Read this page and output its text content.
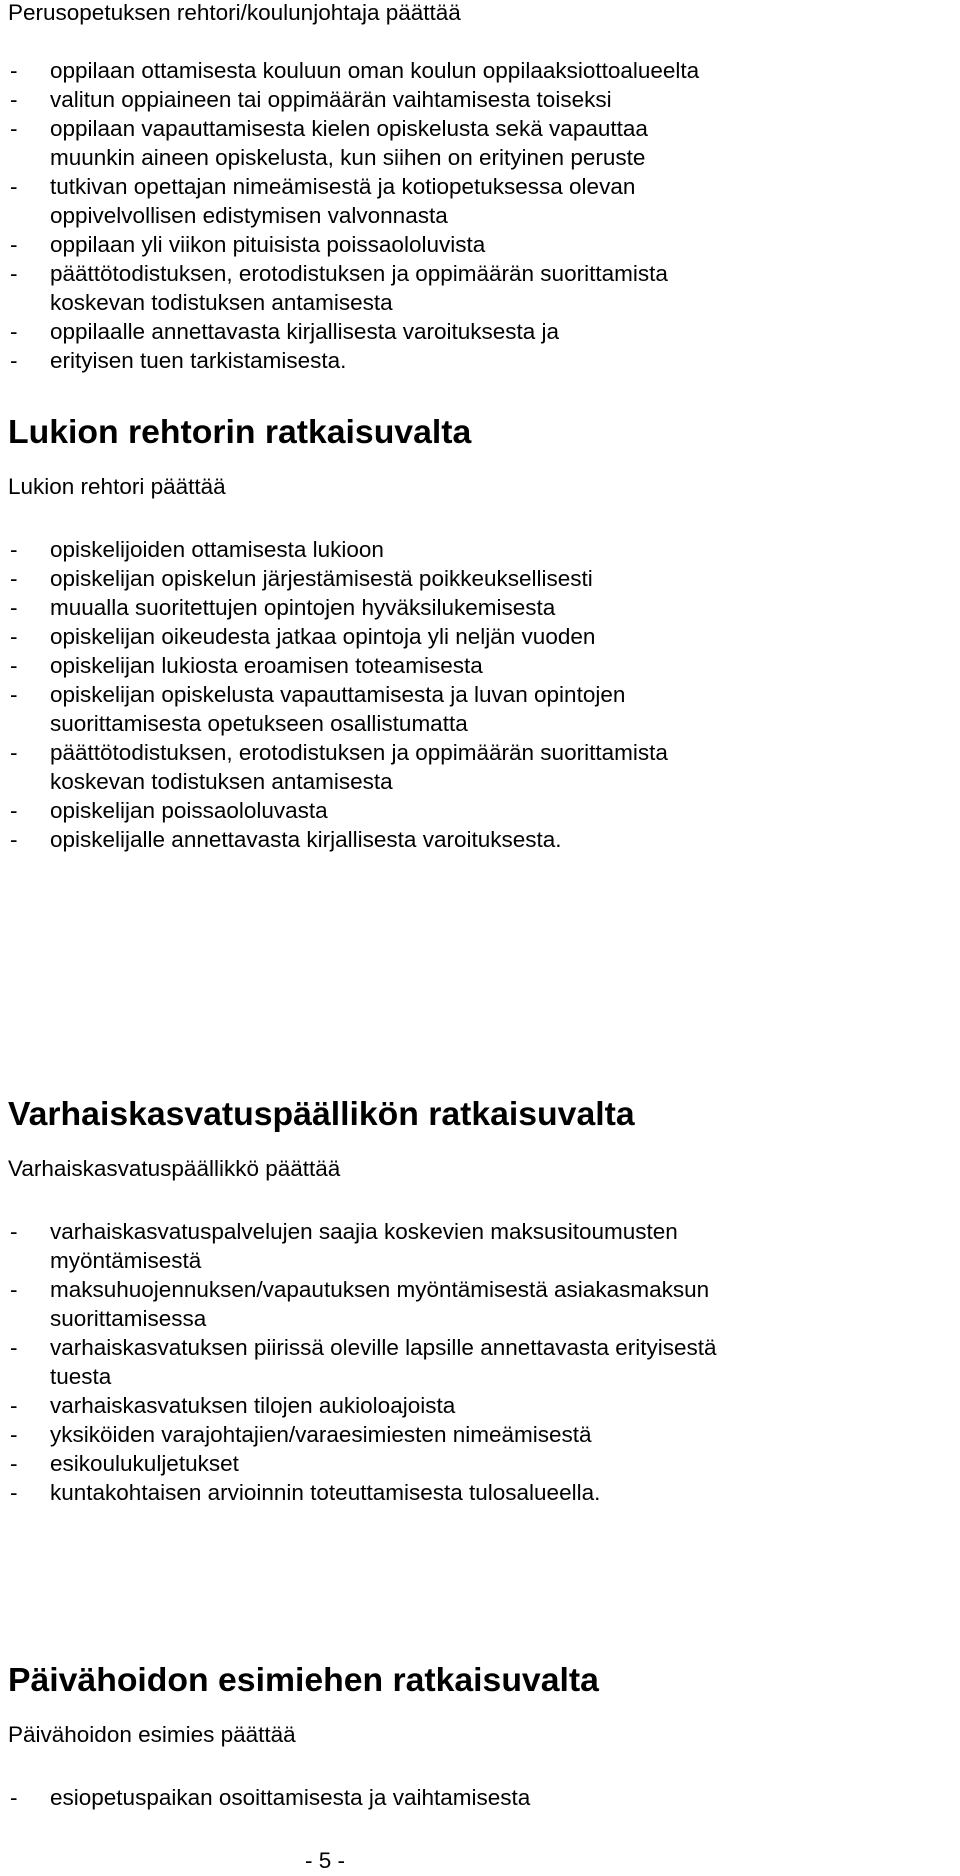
Perusopetuksen rehtori/koulunjohtaja päättää

- oppilaan ottamisesta kouluun oman koulun oppilaaksiottoalueelta
- valitun oppiaineen tai oppimäärän vaihtamisesta toiseksi
- oppilaan vapauttamisesta kielen opiskelusta sekä vapauttaa
muunkin aineen opiskelusta, kun siihen on erityinen peruste
- tutkivan opettajan nimeämisestä ja kotiopetuksessa olevan
oppivelvollisen edistymisen valvonnasta
- oppilaan yli viikon pituisista poissaololuvista
- päättötodistuksen, erotodistuksen ja oppimäärän suorittamista
koskevan todistuksen antamisesta
- oppilaalle annettavasta kirjallisesta varoituksesta ja
- erityisen tuen tarkistamisesta.
Lukion rehtorin ratkaisuvalta

Lukion rehtori päättää

- opiskelijoiden ottamisesta lukioon
- opiskelijan opiskelun järjestämisestä poikkeuksellisesti
- muualla suoritettujen opintojen hyväksilukemisesta
- opiskelijan oikeudesta jatkaa opintoja yli neljän vuoden
- opiskelijan lukiosta eroamisen toteamisesta
- opiskelijan opiskelusta vapauttamisesta ja luvan opintojen
suorittamisesta opetukseen osallistumatta
- päättötodistuksen, erotodistuksen ja oppimäärän suorittamista
koskevan todistuksen antamisesta
- opiskelijan poissaololuvasta
- opiskelijalle annettavasta kirjallisesta varoituksesta.
Varhaiskasvatuspäällikön ratkaisuvalta

Varhaiskasvatuspäällikkö päättää

- varhaiskasvatuspalvelujen saajia koskevien maksusitoumusten
myöntämisestä
- maksuhuojennuksen/vapautuksen myöntämisestä asiakasmaksun
suorittamisessa
- varhaiskasvatuksen piirissä oleville lapsille annettavasta erityisestä
tuesta
- varhaiskasvatuksen tilojen aukioloajoista
- yksiköiden varajohtajien/varaesimiesten nimeämisestä
- esikoulukuljetukset
- kuntakohtaisen arvioinnin toteuttamisesta tulosalueella.
Päivähoidon esimiehen ratkaisuvalta

Päivähoidon esimies päättää

- esiopetuspaikan osoittamisesta ja vaihtamisesta
- 5 -
